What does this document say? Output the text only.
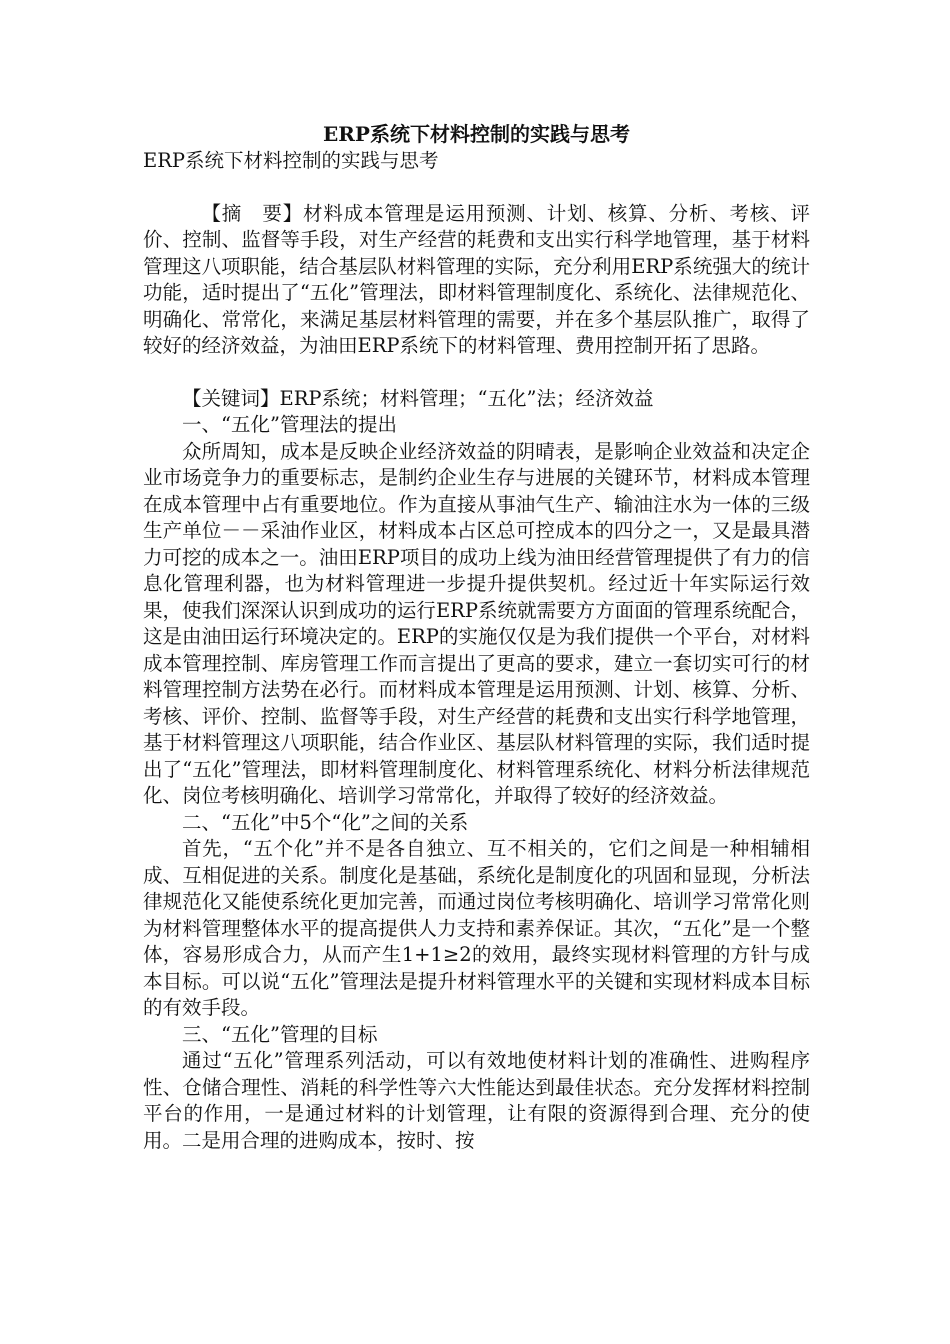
ERP系统下材料控制的实践与思考

ERP系统下材料控制的实践与思考

【摘　要】材料成本管理是运用预测、计划、核算、分析、考核、评价、控制、监督等手段，对生产经营的耗费和支出实行科学地管理，基于材料管理这八项职能，结合基层队材料管理的实际，充分利用ERP系统强大的统计功能，适时提出了“五化”管理法，即材料管理制度化、系统化、法律规范化、明确化、常常化，来满足基层材料管理的需要，并在多个基层队推广，取得了较好的经济效益，为油田ERP系统下的材料管理、费用控制开拓了思路。

【关键词】ERP系统；材料管理；“五化”法；经济效益

一、“五化”管理法的提出

众所周知，成本是反映企业经济效益的阴晴表，是影响企业效益和决定企业市场竞争力的重要标志，是制约企业生存与进展的关键环节，材料成本管理在成本管理中占有重要地位。作为直接从事油气生产、输油注水为一体的三级生产单位－－采油作业区，材料成本占区总可控成本的四分之一，又是最具潜力可挖的成本之一。油田ERP项目的成功上线为油田经营管理提供了有力的信息化管理利器，也为材料管理进一步提升提供契机。经过近十年实际运行效果，使我们深深认识到成功的运行ERP系统就需要方方面面的管理系统配合，这是由油田运行环境决定的。ERP的实施仅仅是为我们提供一个平台，对材料成本管理控制、库房管理工作而言提出了更高的要求，建立一套切实可行的材料管理控制方法势在必行。而材料成本管理是运用预测、计划、核算、分析、考核、评价、控制、监督等手段，对生产经营的耗费和支出实行科学地管理，基于材料管理这八项职能，结合作业区、基层队材料管理的实际，我们适时提出了“五化”管理法，即材料管理制度化、材料管理系统化、材料分析法律规范化、岗位考核明确化、培训学习常常化，并取得了较好的经济效益。

二、“五化”中5个“化”之间的关系

首先，“五个化”并不是各自独立、互不相关的，它们之间是一种相辅相成、互相促进的关系。制度化是基础，系统化是制度化的巩固和显现，分析法律规范化又能使系统化更加完善，而通过岗位考核明确化、培训学习常常化则为材料管理整体水平的提高提供人力支持和素养保证。其次，“五化”是一个整体，容易形成合力，从而产生1+1≥2的效用，最终实现材料管理的方针与成本目标。可以说“五化”管理法是提升材料管理水平的关键和实现材料成本目标的有效手段。

三、“五化”管理的目标

通过“五化”管理系列活动，可以有效地使材料计划的准确性、进购程序性、仓储合理性、消耗的科学性等六大性能达到最佳状态。充分发挥材料控制平台的作用，一是通过材料的计划管理，让有限的资源得到合理、充分的使用。二是用合理的进购成本，按时、按
